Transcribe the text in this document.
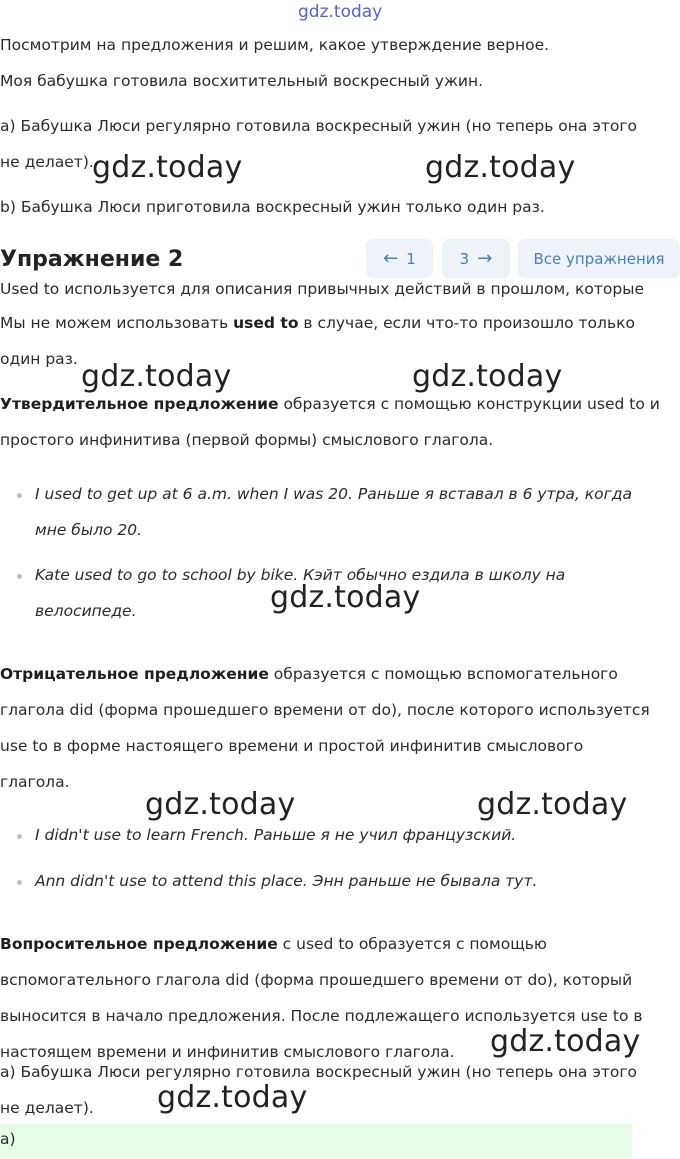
gdz.today
Посмотрим на предложения и решим, какое утверждение верное.
Моя бабушка готовила восхитительный воскресный ужин.
a) Бабушка Люси регулярно готовила воскресный ужин (но теперь она этого
не делает).
b) Бабушка Люси приготовила воскресный ужин только один раз.
gdz.today	gdz.today
Упражнение 2	← 1	3 →	Все упражнения
Used to используется для описания привычных действий в прошлом, которые
Мы не можем использовать used to в случае, если что-то произошло только
один раз. gdz.today	gdz.today
Утвердительное предложение образуется с помощью конструкции used to и
простого инфинитива (первой формы) смыслового глагола.
I used to get up at 6 a.m. when I was 20. Раньше я вставал в 6 утра, когда
мне было 20.
Kate used to go to school by bike. Кэйт обычно ездила в школу на
велосипеде.	gdz.today
Отрицательное предложение образуется с помощью вспомогательного
глагола did (форма прошедшего времени от do), после которого используется
use to в форме настоящего времени и простой инфинитив смыслового
глагола.
gdz.today	gdz.today
I didn't use to learn French. Раньше я не учил французский.
Ann didn't use to attend this place. Энн раньше не бывала тут.
Вопросительное предложение с used to образуется с помощью
вспомогательного глагола did (форма прошедшего времени от do), который
выносится в начало предложения. После подлежащего используется use to в
настоящем времени и инфинитив смыслового глагола. gdz.today
a) Бабушка Люси регулярно готовила воскресный ужин (но теперь она этого
не делает). gdz.today
a)
